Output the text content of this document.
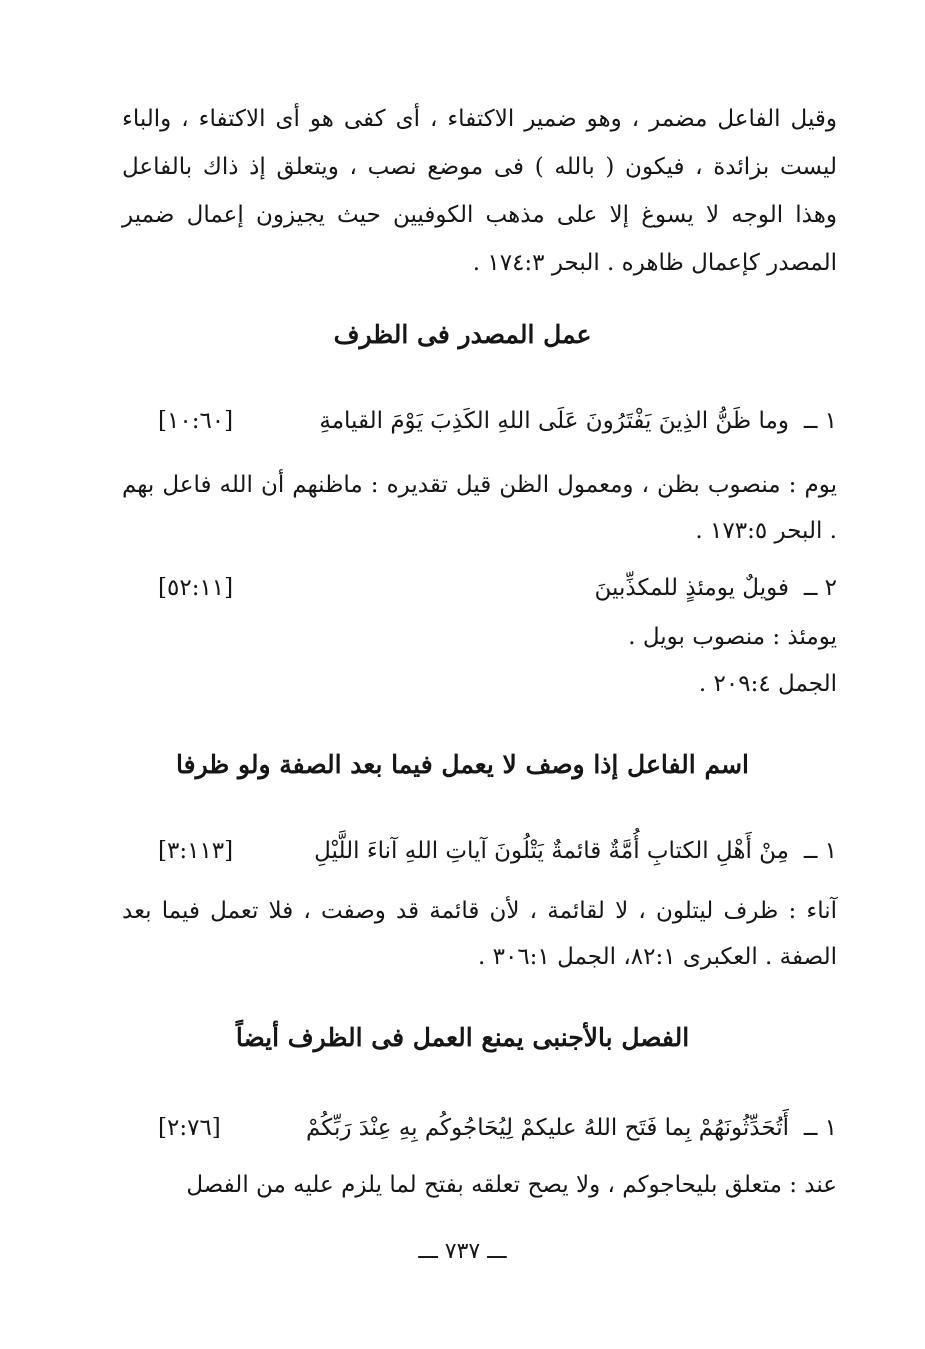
وقيل الفاعل مضمر ، وهو ضمير الاكتفاء ، أى كفى هو أى الاكتفاء ، والباء ليست بزائدة ، فيكون ( بالله ) فى موضع نصب ، ويتعلق إذ ذاك بالفاعل وهذا الوجه لا يسوغ إلا على مذهب الكوفيين حيث يجيزون إعمال ضمير المصدر كإعمال ظاهره . البحر ١٧٤:٣ .
عمل المصدر فى الظرف
١ ــ
وما ظَنُّ الذِينَ يَفْتَرُونَ عَلَى اللهِ الكَذِبَ يَوْمَ القيامةِ
[١٠:٦٠]
يوم : منصوب بظن ، ومعمول الظن قيل تقديره : ماظنهم أن الله فاعل بهم . البحر ١٧٣:٥ .
٢ ــ
فويلٌ يومئذٍ للمكذِّبينَ
[٥٢:١١]
يومئذ : منصوب بويل .
الجمل ٢٠٩:٤ .
اسم الفاعل إذا وصف لا يعمل فيما بعد الصفة ولو ظرفا
١ ــ
مِنْ أَهْلِ الكتابِ أُمَّةٌ قائمةٌ يَتْلُونَ آياتِ اللهِ آناءَ اللَّيْلِ
[٣:١١٣]
آناء : ظرف ليتلون ، لا لقائمة ، لأن قائمة قد وصفت ، فلا تعمل فيما بعد الصفة . العكبرى ٨٢:١، الجمل ٣٠٦:١ .
الفصل بالأجنبى يمنع العمل فى الظرف أيضاً
١ ــ
أَتُحَدِّثُونَهُمْ بِما فَتَح اللهُ عليكمْ لِيُحَاجُوكُم بِهِ عِنْدَ رَبِّكُمْ
[٢:٧٦]
عند : متعلق بليحاجوكم ، ولا يصح تعلقه بفتح لما يلزم عليه من الفصل
ـــ ٧٣٧ ـــ
